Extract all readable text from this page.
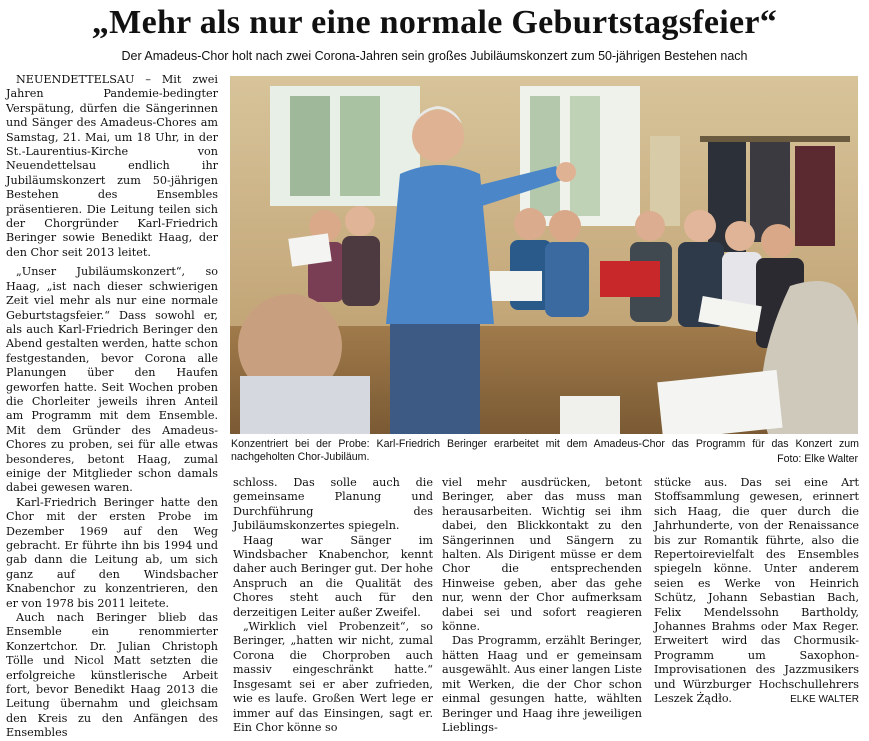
„Mehr als nur eine normale Geburtstagsfeier“
Der Amadeus-Chor holt nach zwei Corona-Jahren sein großes Jubiläumskonzert zum 50-jährigen Bestehen nach

NEUENDETTELSAU – Mit zwei Jahren Pandemie-bedingter Verspätung, dürfen die Sängerinnen und Sänger des Amadeus-Chores am Samstag, 21. Mai, um 18 Uhr, in der St.-Laurentius-Kirche von Neuendettelsau endlich ihr Jubiläumskonzert zum 50-jährigen Bestehen des Ensembles präsentieren. Die Leitung teilen sich der Chorgründer Karl-Friedrich Beringer sowie Benedikt Haag, der den Chor seit 2013 leitet.

„Unser Jubiläumskonzert“, so Haag, „ist nach dieser schwierigen Zeit viel mehr als nur eine normale Geburtstagsfeier.“ Dass sowohl er, als auch Karl-Friedrich Beringer den Abend gestalten werden, hatte schon festgestanden, bevor Corona alle Planungen über den Haufen geworfen hatte. Seit Wochen proben die Chorleiter jeweils ihren Anteil am Programm mit dem Ensemble. Mit dem Gründer des Amadeus-Chores zu proben, sei für alle etwas besonderes, betont Haag, zumal einige der Mitglieder schon damals dabei gewesen waren.

Karl-Friedrich Beringer hatte den Chor mit der ersten Probe im Dezember 1969 auf den Weg gebracht. Er führte ihn bis 1994 und gab dann die Leitung ab, um sich ganz auf den Windsbacher Knabenchor zu konzentrieren, den er von 1978 bis 2011 leitete.

Auch nach Beringer blieb das Ensemble ein renommierter Konzertchor. Dr. Julian Christoph Tölle und Nicol Matt setzten die erfolgreiche künstlerische Arbeit fort, bevor Benedikt Haag 2013 die Leitung übernahm und gleichsam den Kreis zu den Anfängen des Ensembles

Konzentriert bei der Probe: Karl-Friedrich Beringer erarbeitet mit dem Amadeus-Chor das Programm für das Konzert zum nachgeholten Chor-Jubiläum.	Foto: Elke Walter

schloss. Das solle auch die gemeinsame Planung und Durchführung des Jubiläumskonzertes spiegeln.

Haag war Sänger im Windsbacher Knabenchor, kennt daher auch Beringer gut. Der hohe Anspruch an die Qualität des Chores steht auch für den derzeitigen Leiter außer Zweifel.

„Wirklich viel Probenzeit“, so Beringer, „hatten wir nicht, zumal Corona die Chorproben auch massiv eingeschränkt hatte.“ Insgesamt sei er aber zufrieden, wie es laufe. Großen Wert lege er immer auf das Einsingen, sagt er. Ein Chor könne so

viel mehr ausdrücken, betont Beringer, aber das muss man herausarbeiten. Wichtig sei ihm dabei, den Blickkontakt zu den Sängerinnen und Sängern zu halten. Als Dirigent müsse er dem Chor die entsprechenden Hinweise geben, aber das gehe nur, wenn der Chor aufmerksam dabei sei und sofort reagieren könne.

Das Programm, erzählt Beringer, hätten Haag und er gemeinsam ausgewählt. Aus einer langen Liste mit Werken, die der Chor schon einmal gesungen hatte, wählten Beringer und Haag ihre jeweiligen Lieblings-

stücke aus. Das sei eine Art Stoffsammlung gewesen, erinnert sich Haag, die quer durch die Jahrhunderte, von der Renaissance bis zur Romantik führte, also die Repertoirevielfalt des Ensembles spiegeln könne. Unter anderem seien es Werke von Heinrich Schütz, Johann Sebastian Bach, Felix Mendelssohn Bartholdy, Johannes Brahms oder Max Reger. Erweitert wird das Chormusik-Programm um Saxophon-Improvisationen des Jazzmusikers und Würzburger Hochschullehrers Leszek Żądło.	ELKE WALTER
